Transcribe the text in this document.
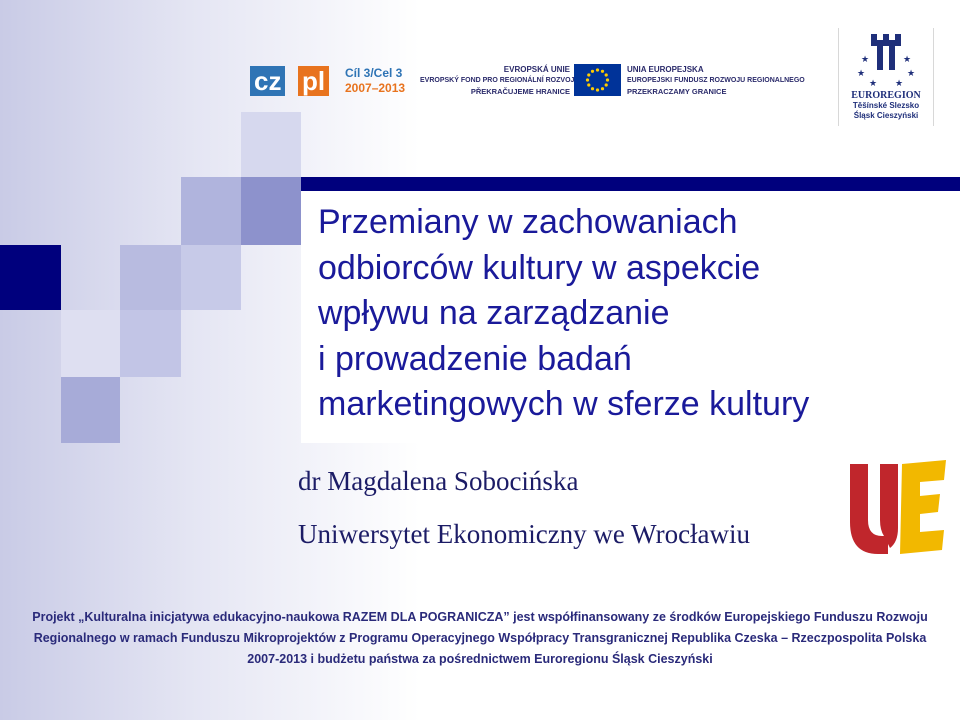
Przemiany w zachowaniach
odbiorców kultury w aspekcie
wpływu na zarządzanie
i prowadzenie badań
marketingowych w sferze kultury
dr Magdalena Sobocińska
Uniwersytet Ekonomiczny we Wrocławiu

Projekt „Kulturalna inicjatywa edukacyjno-naukowa RAZEM DLA POGRANICZA” jest współfinansowany ze środków Europejskiego Funduszu Rozwoju Regionalnego w ramach Funduszu Mikroprojektów z Programu Operacyjnego Współpracy Transgranicznej Republika Czeska – Rzeczpospolita Polska 2007-2013 i budżetu państwa za pośrednictwem Euroregionu Śląsk Cieszyński

cz pl	Cíl 3/Cel 3
2007–2013
EVROPSKÁ UNIE
EVROPSKÝ FOND PRO REGIONÁLNÍ ROZVOJ
PŘEKRAČUJEME HRANICE
UNIA EUROPEJSKA
EUROPEJSKI FUNDUSZ ROZWOJU REGIONALNEGO
PRZEKRACZAMY GRANICE
★	★
★	★
★ ★
EUROREGION
Těšínské Slezsko
Śląsk Cieszyński
